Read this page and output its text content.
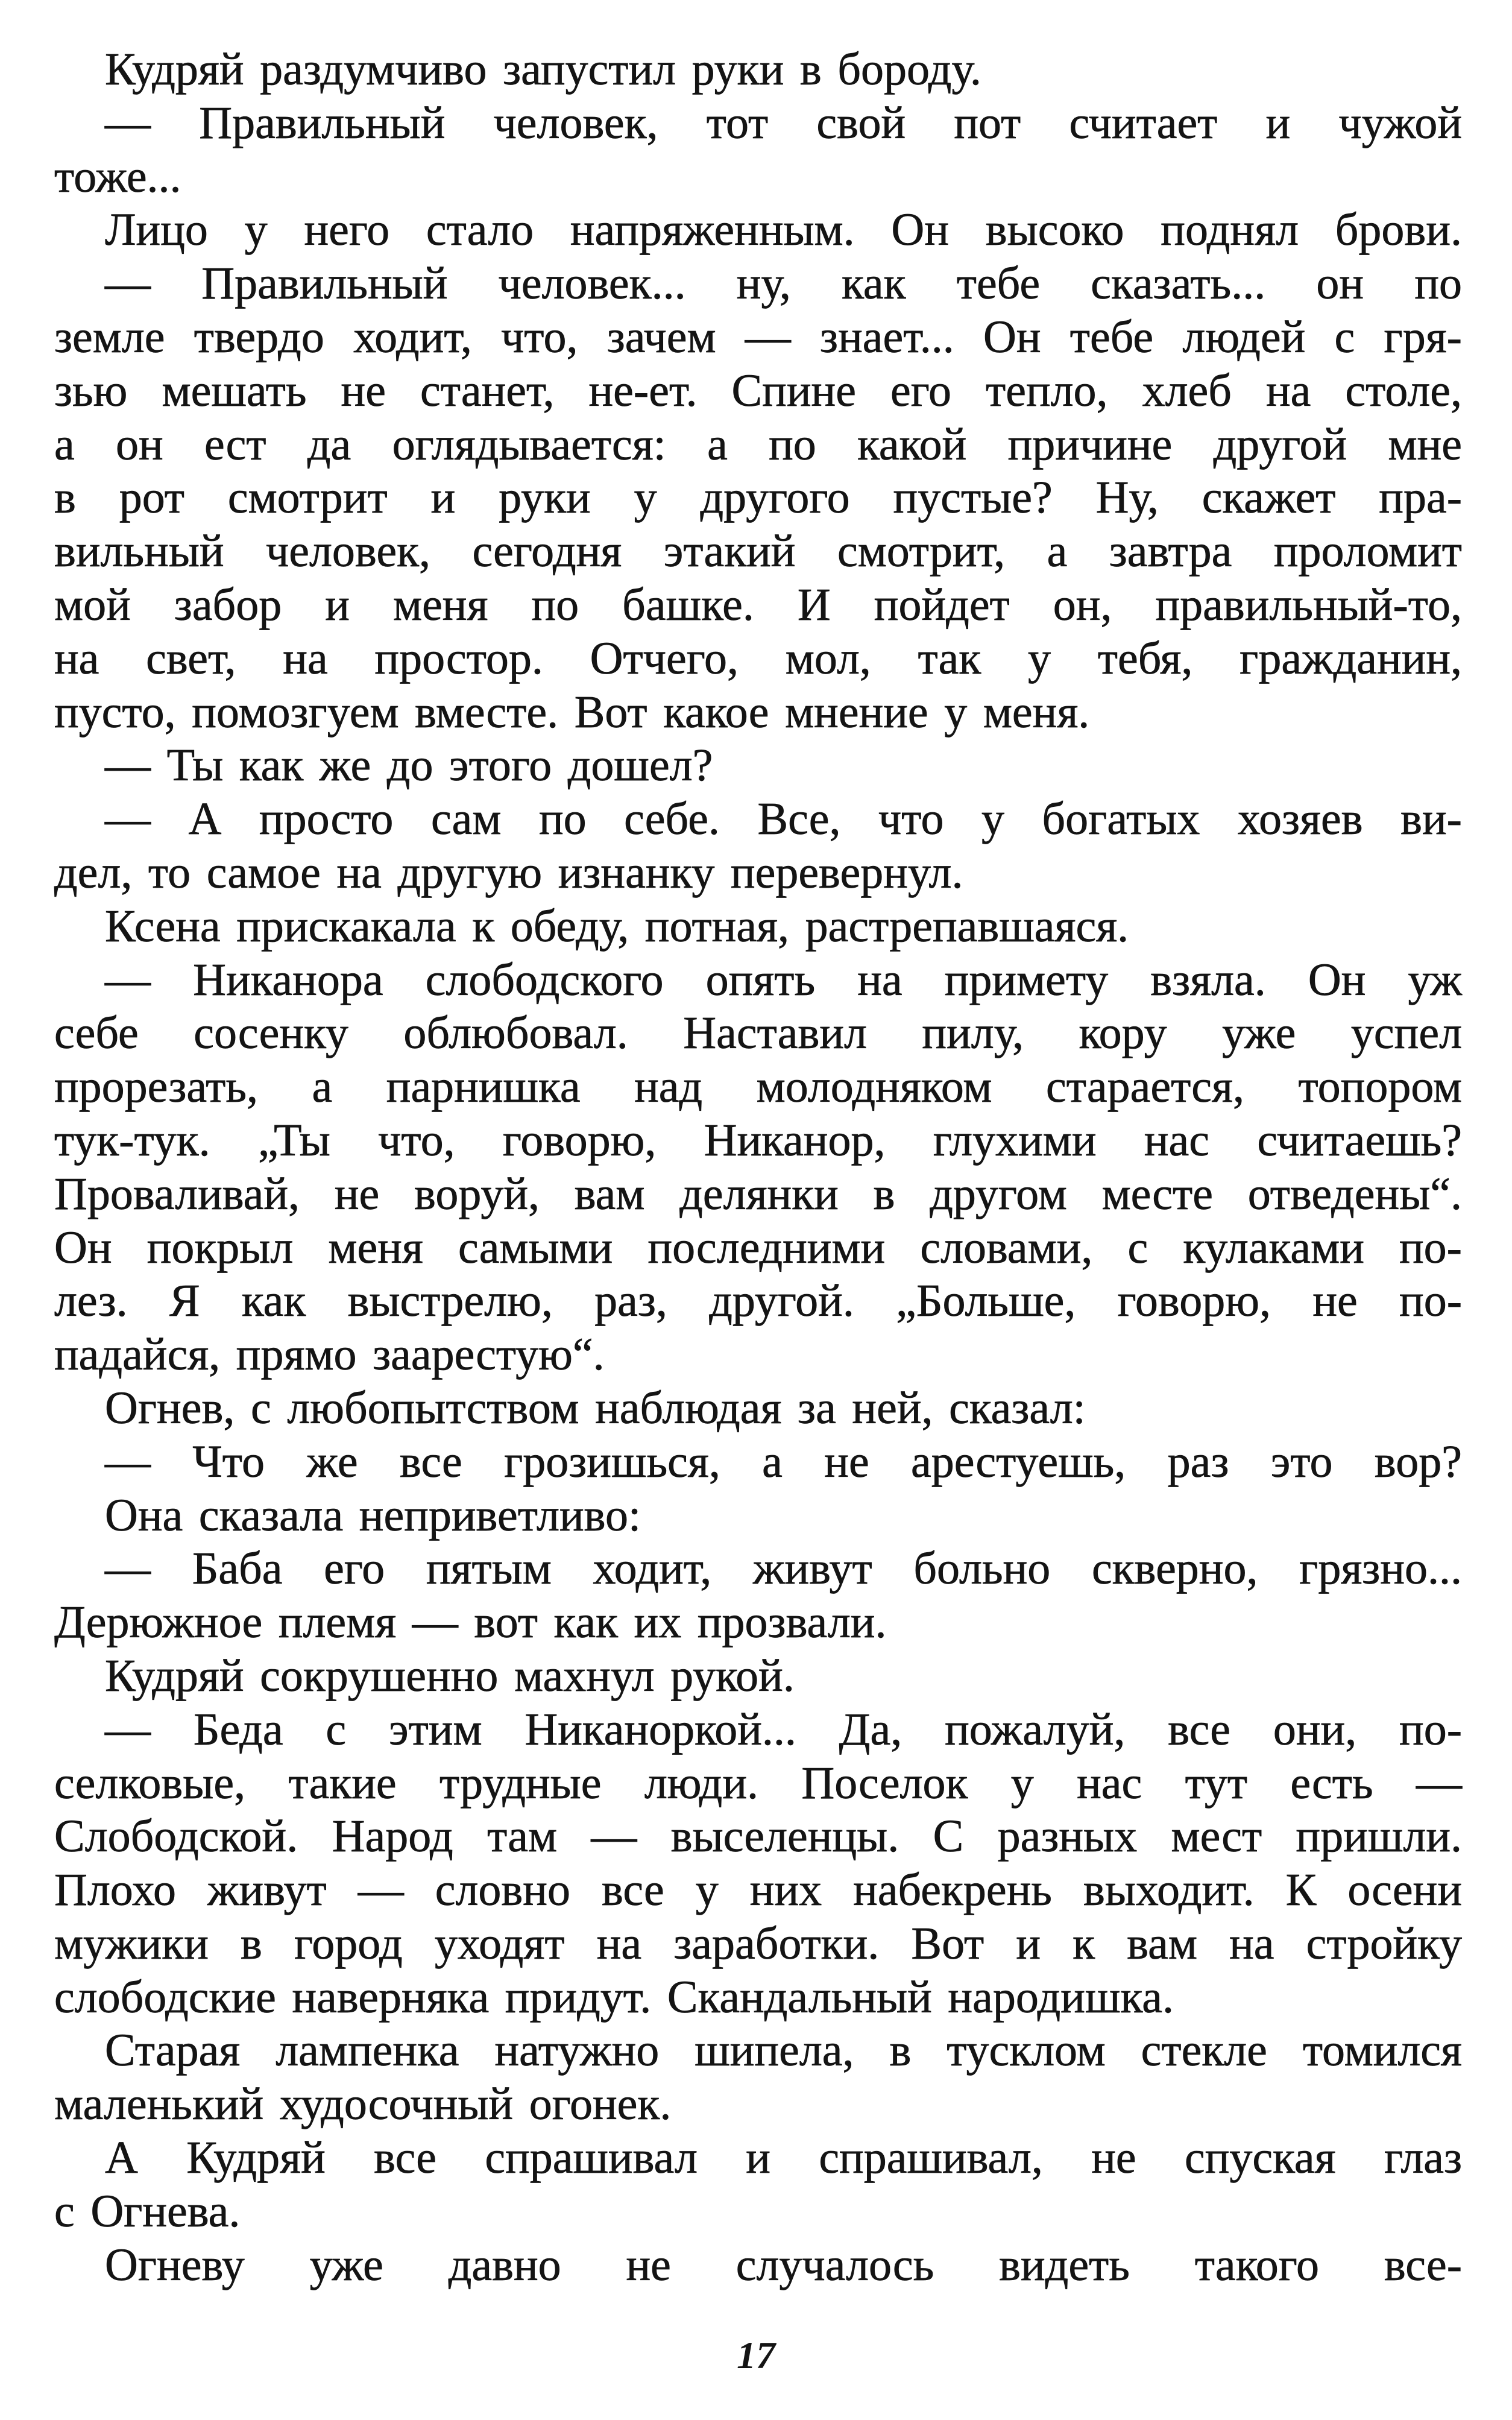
Кудряй раздумчиво запустил руки в бороду.
— Правильный человек, тот свой пот считает и чужой
тоже...
Лицо у него стало напряженным. Он высоко поднял брови.
— Правильный человек... ну, как тебе сказать... он по
земле твердо ходит, что, зачем — знает... Он тебе людей с гря-
зью мешать не станет, не-ет. Спине его тепло, хлеб на столе,
а он ест да оглядывается: а по какой причине другой мне
в рот смотрит и руки у другого пустые? Ну, скажет пра-
вильный человек, сегодня этакий смотрит, а завтра проломит
мой забор и меня по башке. И пойдет он, правильный-то,
на свет, на простор. Отчего, мол, так у тебя, гражданин,
пусто, помозгуем вместе. Вот какое мнение у меня.
— Ты как же до этого дошел?
— А просто сам по себе. Все, что у богатых хозяев ви-
дел, то самое на другую изнанку перевернул.
Ксена прискакала к обеду, потная, растрепавшаяся.
— Никанора слободского опять на примету взяла. Он уж
себе сосенку облюбовал. Наставил пилу, кору уже успел
прорезать, а парнишка над молодняком старается, топором
тук-тук. „Ты что, говорю, Никанор, глухими нас считаешь?
Проваливай, не воруй, вам делянки в другом месте отведены“.
Он покрыл меня самыми последними словами, с кулаками по-
лез. Я как выстрелю, раз, другой. „Больше, говорю, не по-
падайся, прямо заарестую“.
Огнев, с любопытством наблюдая за ней, сказал:
— Что же все грозишься, а не арестуешь, раз это вор?
Она сказала неприветливо:
— Баба его пятым ходит, живут больно скверно, грязно...
Дерюжное племя — вот как их прозвали.
Кудряй сокрушенно махнул рукой.
— Беда с этим Никаноркой... Да, пожалуй, все они, по-
селковые, такие трудные люди. Поселок у нас тут есть —
Слободской. Народ там — выселенцы. С разных мест пришли.
Плохо живут — словно все у них набекрень выходит. К осени
мужики в город уходят на заработки. Вот и к вам на стройку
слободские наверняка придут. Скандальный народишка.
Старая лампенка натужно шипела, в тусклом стекле томился
маленький худосочный огонек.
А Кудряй все спрашивал и спрашивал, не спуская глаз
с Огнева.
Огневу уже давно не случалось видеть такого все-
17
